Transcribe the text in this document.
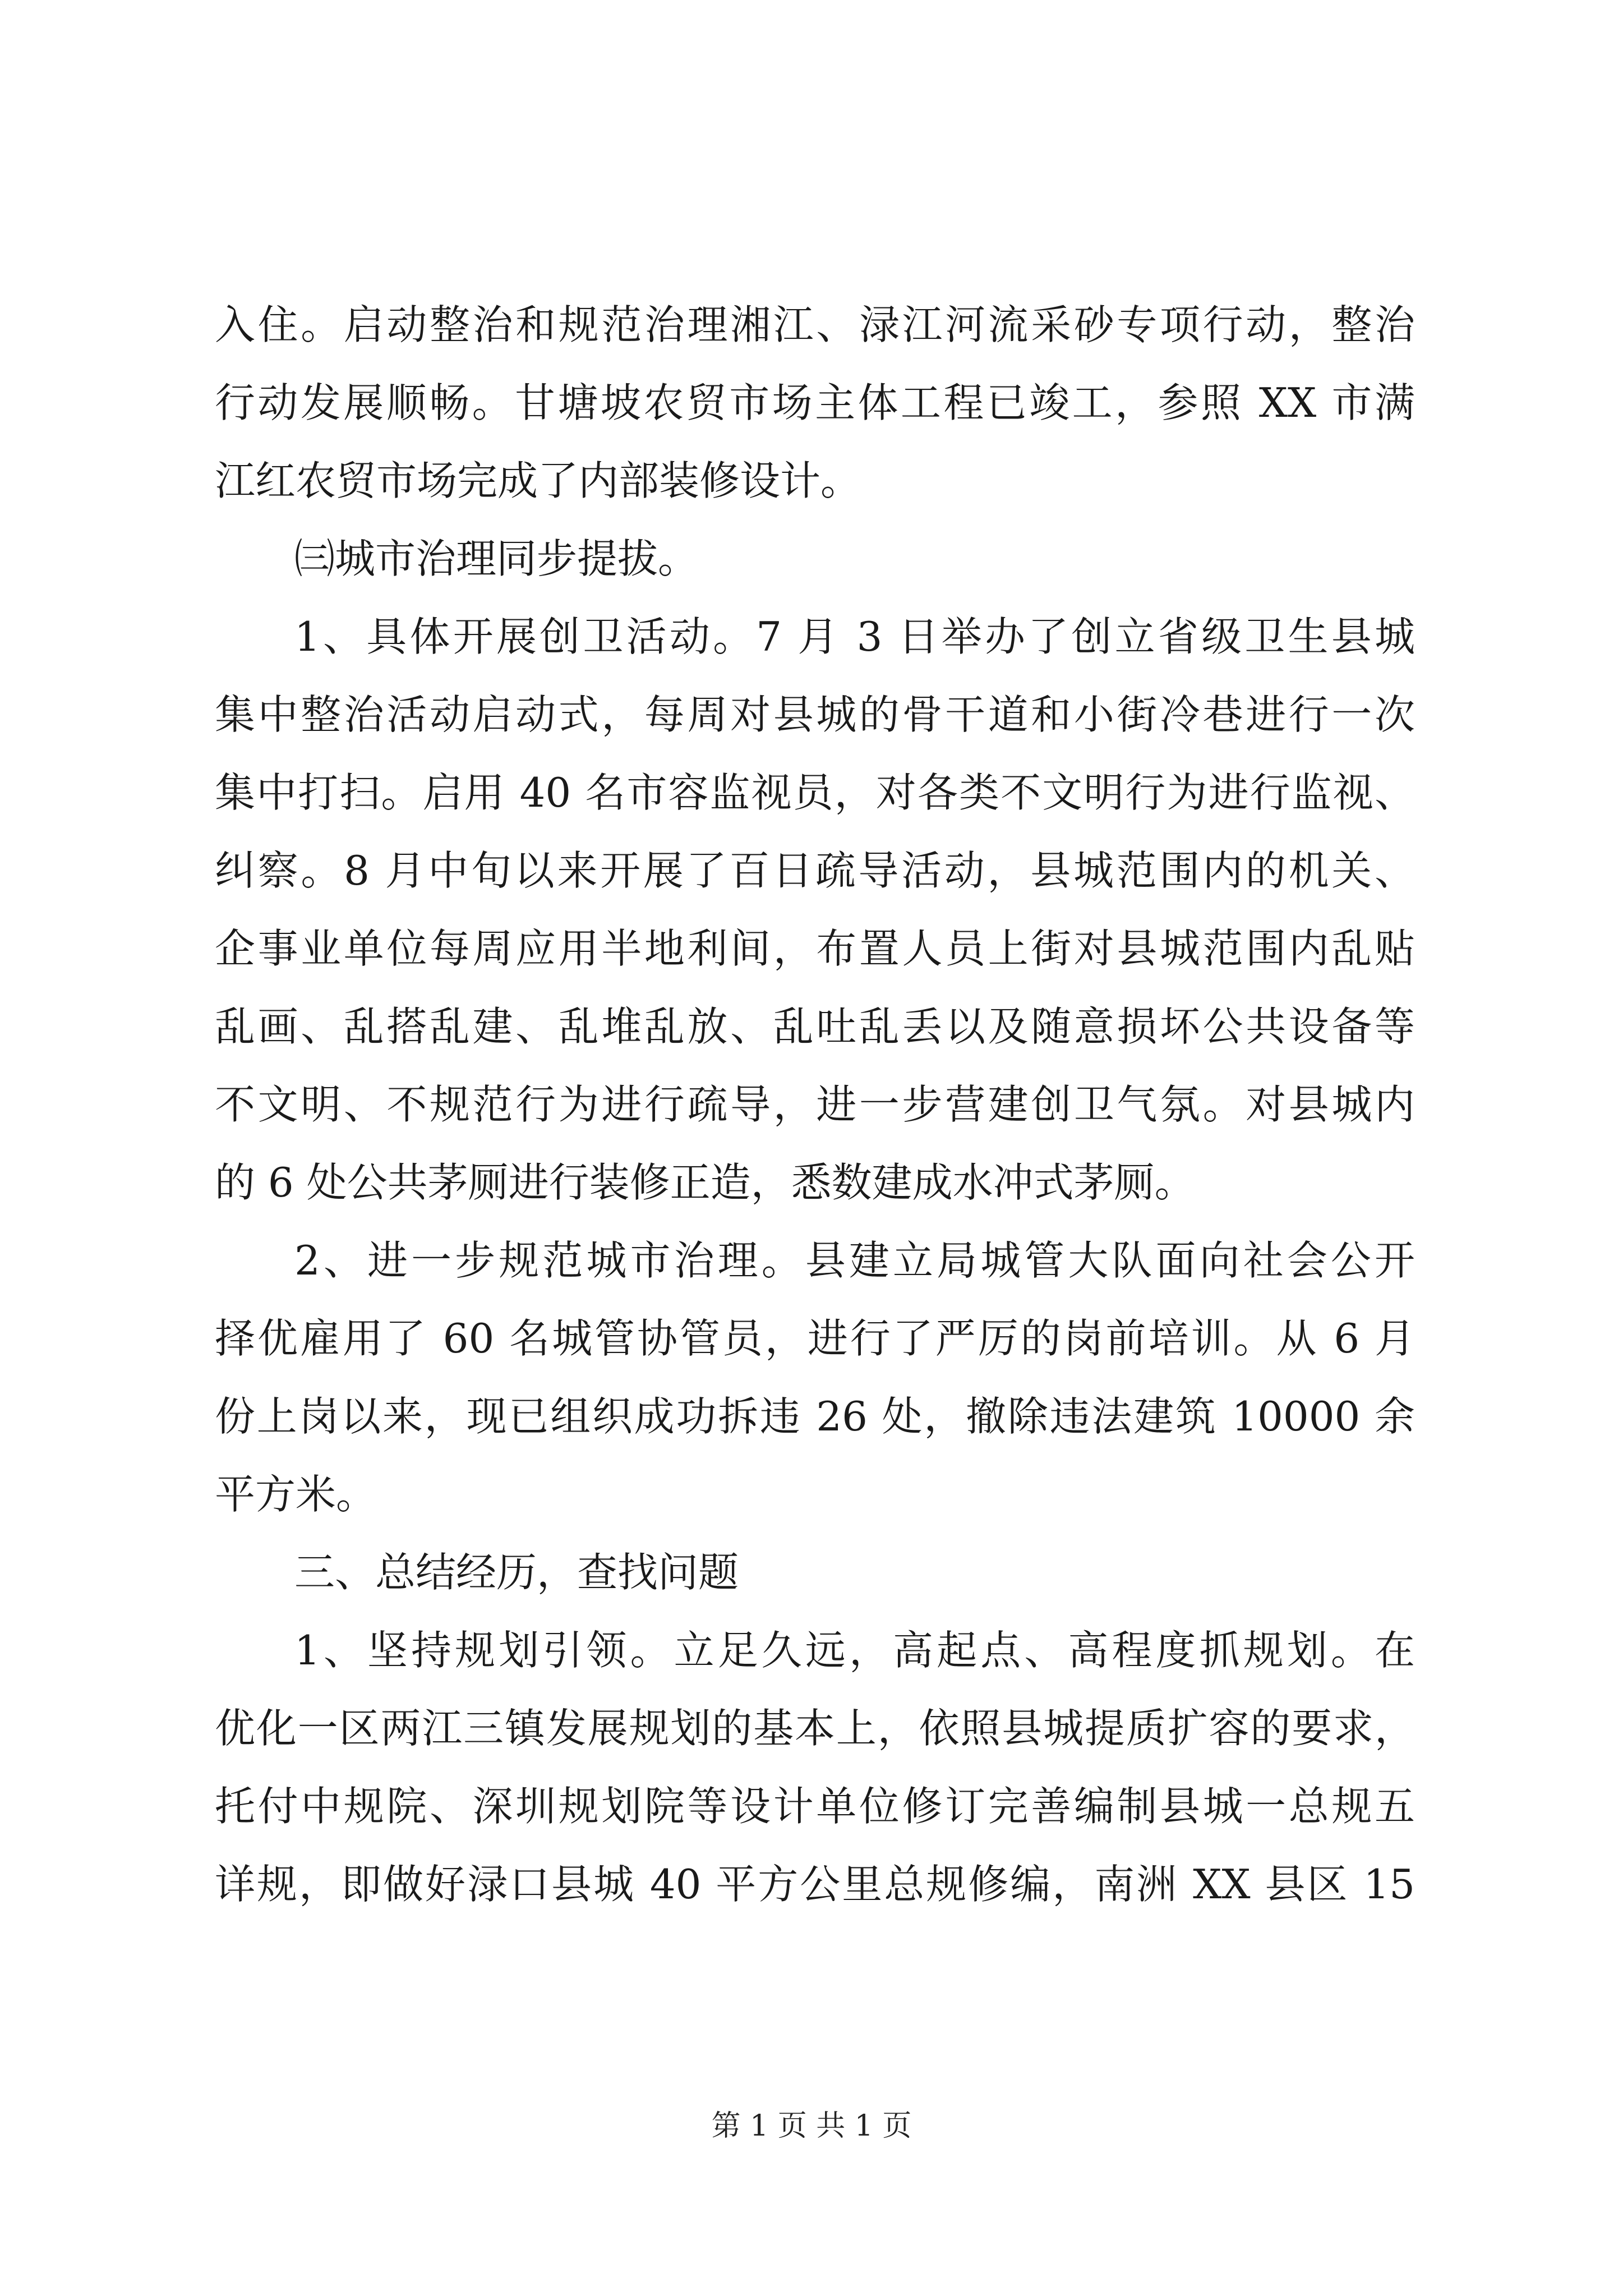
入住。启动整治和规范治理湘江、渌江河流采砂专项行动，整治
行动发展顺畅。甘塘坡农贸市场主体工程已竣工，参照 XX 市满
江红农贸市场完成了内部装修设计。
㈢城市治理同步提拔。
1、具体开展创卫活动。7 月 3 日举办了创立省级卫生县城
集中整治活动启动式，每周对县城的骨干道和小街冷巷进行一次
集中打扫。启用 40 名市容监视员，对各类不文明行为进行监视、
纠察。8 月中旬以来开展了百日疏导活动，县城范围内的机关、
企事业单位每周应用半地利间，布置人员上街对县城范围内乱贴
乱画、乱搭乱建、乱堆乱放、乱吐乱丢以及随意损坏公共设备等
不文明、不规范行为进行疏导，进一步营建创卫气氛。对县城内
的 6 处公共茅厕进行装修正造，悉数建成水冲式茅厕。
2、进一步规范城市治理。县建立局城管大队面向社会公开
择优雇用了 60 名城管协管员，进行了严厉的岗前培训。从 6 月
份上岗以来，现已组织成功拆违 26 处，撤除违法建筑 10000 余
平方米。
三、总结经历，查找问题
1、坚持规划引领。立足久远，高起点、高程度抓规划。在
优化一区两江三镇发展规划的基本上，依照县城提质扩容的要求，
托付中规院、深圳规划院等设计单位修订完善编制县城一总规五
详规，即做好渌口县城 40 平方公里总规修编，南洲 XX 县区 15
第 1 页 共 1 页
